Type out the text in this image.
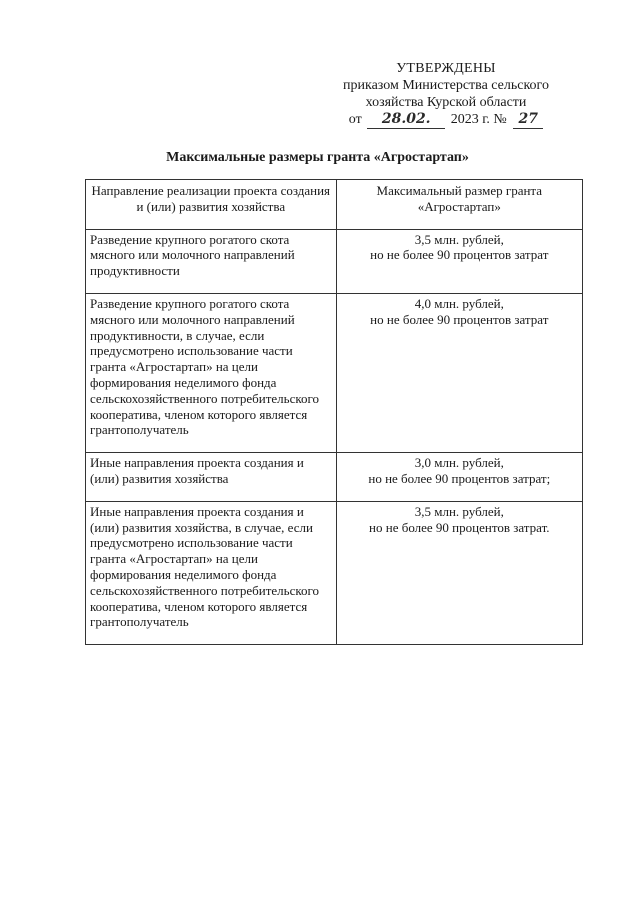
УТВЕРЖДЕНЫ
приказом Министерства сельского
хозяйства Курской области
от 28.02. 2023 г. № 27
Максимальные размеры гранта «Агростартап»
Направление реализации проекта создания и (или) развития хозяйства	Максимальный размер гранта «Агростартап»
Разведение крупного рогатого скота мясного или молочного направлений продуктивности	3,5 млн. рублей,
но не более 90 процентов затрат

Разведение крупного рогатого скота мясного или молочного направлений продуктивности, в случае, если предусмотрено использование части гранта «Агростартап» на цели формирования неделимого фонда сельскохозяйственного потребительского кооператива, членом которого является грантополучатель	4,0 млн. рублей,
но не более 90 процентов затрат

Иные направления проекта создания и (или) развития хозяйства	3,0 млн. рублей,
но не более 90 процентов затрат;

Иные направления проекта создания и (или) развития хозяйства, в случае, если предусмотрено использование части гранта «Агростартап» на цели формирования неделимого фонда сельскохозяйственного потребительского кооператива, членом которого является грантополучатель	3,5 млн. рублей,
но не более 90 процентов затрат.
